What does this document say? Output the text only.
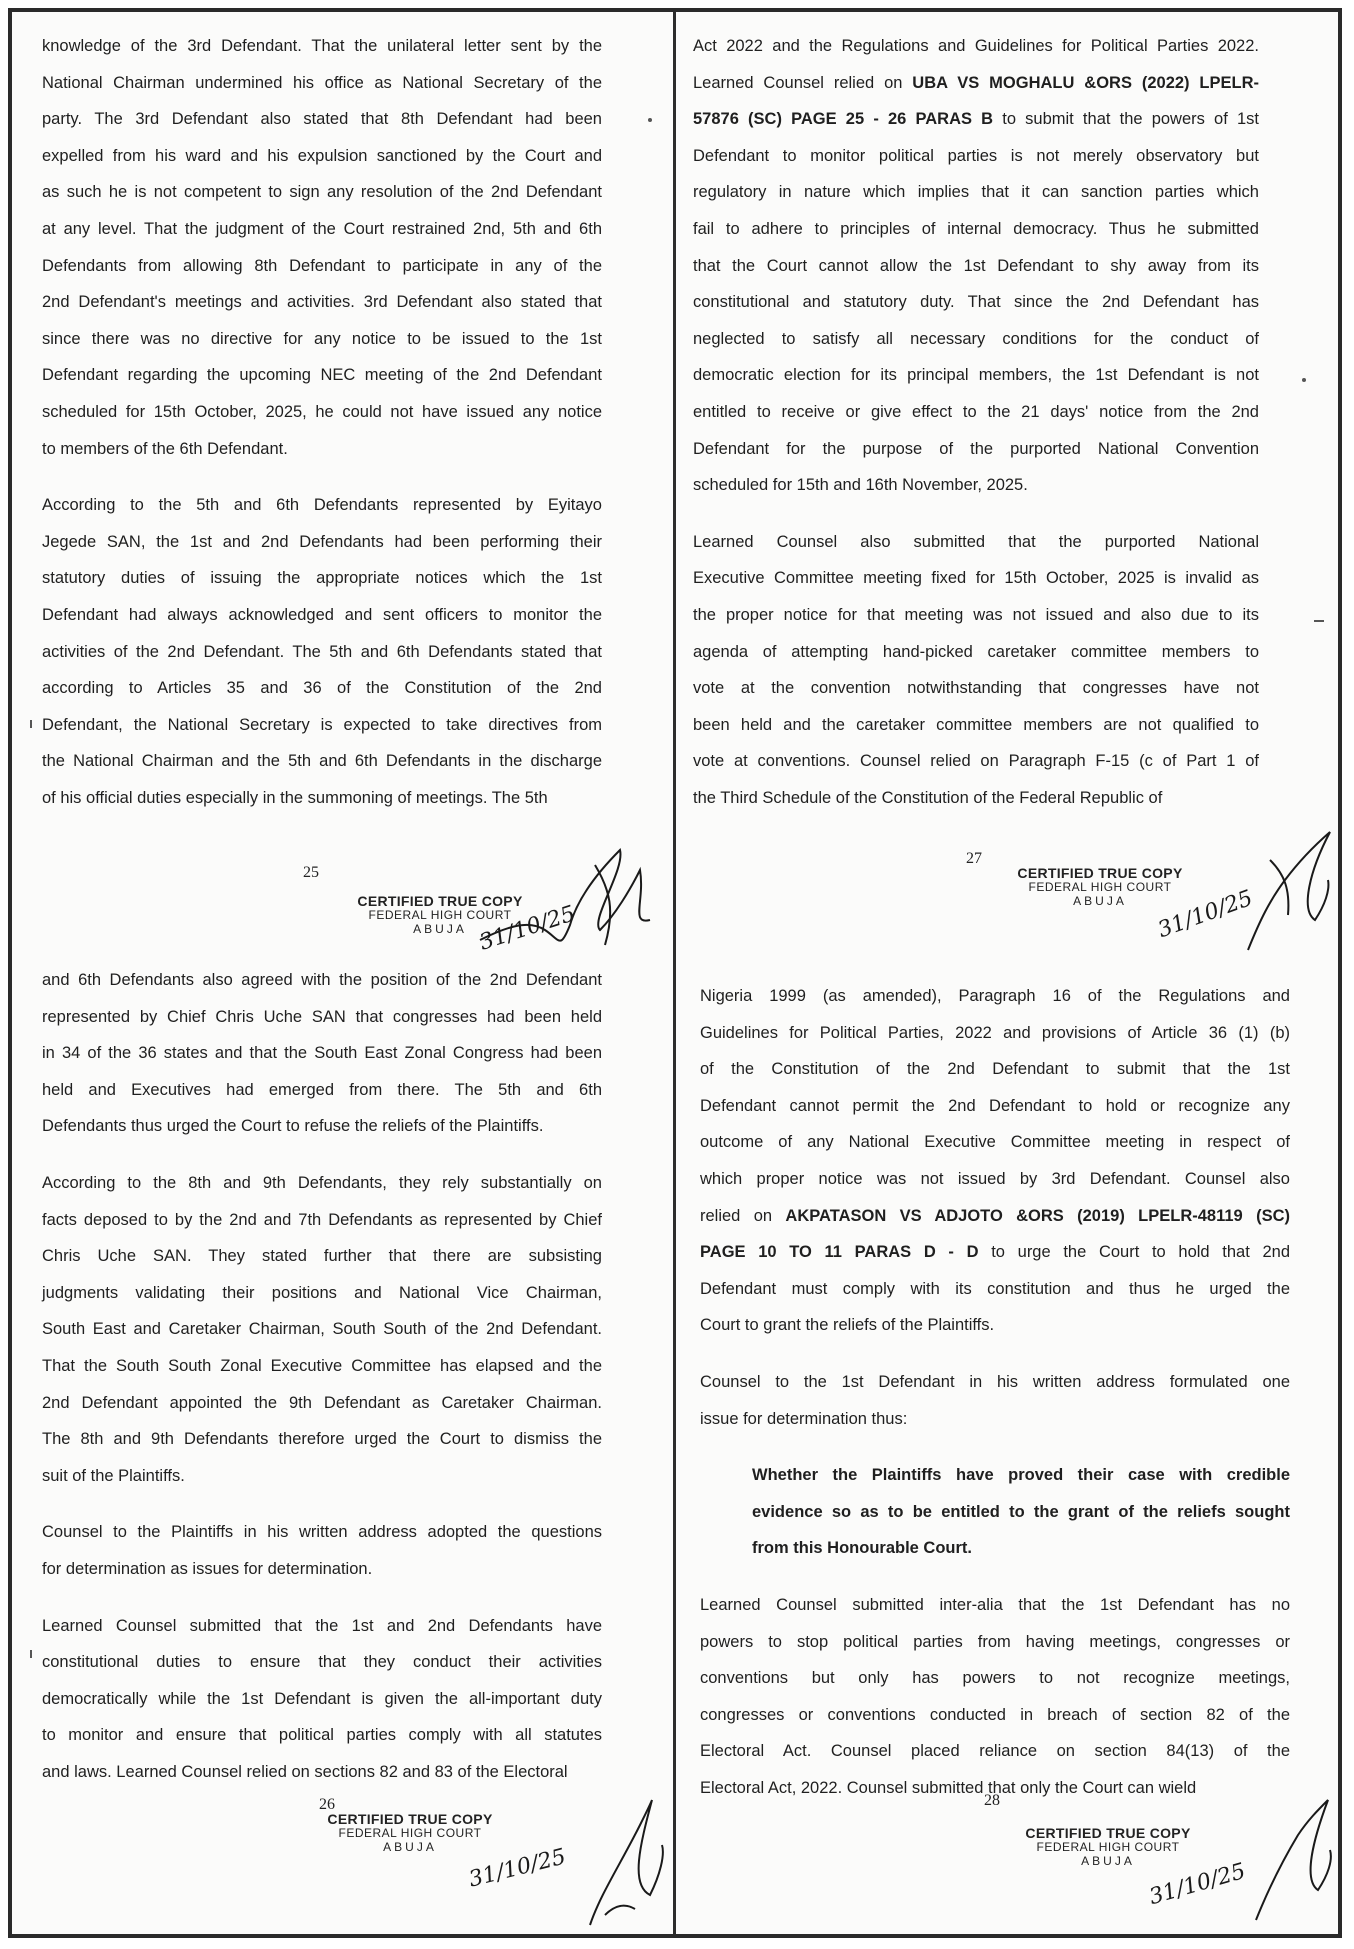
knowledge of the 3rd Defendant. That the unilateral letter sent by the
National Chairman undermined his office as National Secretary of the
party. The 3rd Defendant also stated that 8th Defendant had been
expelled from his ward and his expulsion sanctioned by the Court and
as such he is not competent to sign any resolution of the 2nd Defendant
at any level. That the judgment of the Court restrained 2nd, 5th and 6th
Defendants from allowing 8th Defendant to participate in any of the
2nd Defendant's meetings and activities. 3rd Defendant also stated that
since there was no directive for any notice to be issued to the 1st
Defendant regarding the upcoming NEC meeting of the 2nd Defendant
scheduled for 15th October, 2025, he could not have issued any notice
to members of the 6th Defendant.
According to the 5th and 6th Defendants represented by Eyitayo
Jegede SAN, the 1st and 2nd Defendants had been performing their
statutory duties of issuing the appropriate notices which the 1st
Defendant had always acknowledged and sent officers to monitor the
activities of the 2nd Defendant. The 5th and 6th Defendants stated that
according to Articles 35 and 36 of the Constitution of the 2nd
Defendant, the National Secretary is expected to take directives from
the National Chairman and the 5th and 6th Defendants in the discharge
of his official duties especially in the summoning of meetings. The 5th
25
CERTIFIED TRUE COPY
FEDERAL HIGH COURT
ABUJA 31/10/25
and 6th Defendants also agreed with the position of the 2nd Defendant
represented by Chief Chris Uche SAN that congresses had been held
in 34 of the 36 states and that the South East Zonal Congress had been
held and Executives had emerged from there. The 5th and 6th
Defendants thus urged the Court to refuse the reliefs of the Plaintiffs.
According to the 8th and 9th Defendants, they rely substantially on
facts deposed to by the 2nd and 7th Defendants as represented by Chief
Chris Uche SAN. They stated further that there are subsisting
judgments validating their positions and National Vice Chairman,
South East and Caretaker Chairman, South South of the 2nd Defendant.
That the South South Zonal Executive Committee has elapsed and the
2nd Defendant appointed the 9th Defendant as Caretaker Chairman.
The 8th and 9th Defendants therefore urged the Court to dismiss the
suit of the Plaintiffs.
Counsel to the Plaintiffs in his written address adopted the questions
for determination as issues for determination.
Learned Counsel submitted that the 1st and 2nd Defendants have
constitutional duties to ensure that they conduct their activities
democratically while the 1st Defendant is given the all-important duty
to monitor and ensure that political parties comply with all statutes
and laws. Learned Counsel relied on sections 82 and 83 of the Electoral
26
CERTIFIED TRUE COPY
FEDERAL HIGH COURT
ABUJA	31/10/25
Act 2022 and the Regulations and Guidelines for Political Parties 2022.
Learned Counsel relied on UBA VS MOGHALU &ORS (2022) LPELR-
57876 (SC) PAGE 25 - 26 PARAS B to submit that the powers of 1st
Defendant to monitor political parties is not merely observatory but
regulatory in nature which implies that it can sanction parties which
fail to adhere to principles of internal democracy. Thus he submitted
that the Court cannot allow the 1st Defendant to shy away from its
constitutional and statutory duty. That since the 2nd Defendant has
neglected to satisfy all necessary conditions for the conduct of
democratic election for its principal members, the 1st Defendant is not
entitled to receive or give effect to the 21 days' notice from the 2nd
Defendant for the purpose of the purported National Convention
scheduled for 15th and 16th November, 2025.
Learned Counsel also submitted that the purported National
Executive Committee meeting fixed for 15th October, 2025 is invalid as
the proper notice for that meeting was not issued and also due to its
agenda of attempting hand-picked caretaker committee members to
vote at the convention notwithstanding that congresses have not
been held and the caretaker committee members are not qualified to
vote at conventions. Counsel relied on Paragraph F-15 (c of Part 1 of
the Third Schedule of the Constitution of the Federal Republic of
27
CERTIFIED TRUE COPY
FEDERAL HIGH COURT
ABUJA	31/10/25
Nigeria 1999 (as amended), Paragraph 16 of the Regulations and
Guidelines for Political Parties, 2022 and provisions of Article 36 (1) (b)
of the Constitution of the 2nd Defendant to submit that the 1st
Defendant cannot permit the 2nd Defendant to hold or recognize any
outcome of any National Executive Committee meeting in respect of
which proper notice was not issued by 3rd Defendant. Counsel also
relied on AKPATASON VS ADJOTO &ORS (2019) LPELR-48119 (SC)
PAGE 10 TO 11 PARAS D - D to urge the Court to hold that 2nd
Defendant must comply with its constitution and thus he urged the
Court to grant the reliefs of the Plaintiffs.
Counsel to the 1st Defendant in his written address formulated one
issue for determination thus:
Whether the Plaintiffs have proved their case with credible
evidence so as to be entitled to the grant of the reliefs sought
from this Honourable Court.
Learned Counsel submitted inter-alia that the 1st Defendant has no
powers to stop political parties from having meetings, congresses or
conventions but only has powers to not recognize meetings,
congresses or conventions conducted in breach of section 82 of the
Electoral Act. Counsel placed reliance on section 84(13) of the
Electoral Act, 2022. Counsel submitted that only the Court can wield
28
CERTIFIED TRUE COPY
FEDERAL HIGH COURT
ABUJA 31/10/25
